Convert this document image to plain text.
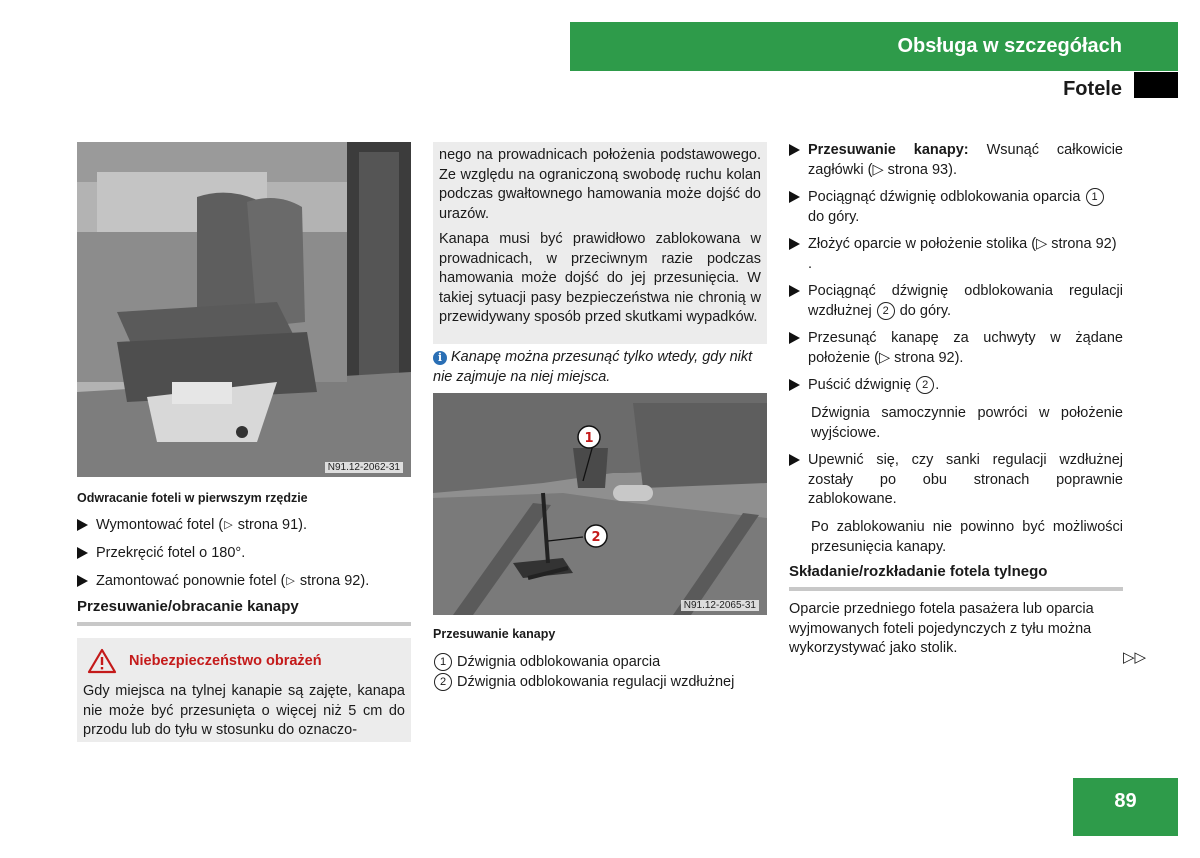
Obsługa w szczegółach
Fotele
N91.12-2062-31
Odwracanie foteli w pierwszym rzędzie
Wymontować fotel (▷ strona 91).
Przekręcić fotel o 180°.
Zamontować ponownie fotel (▷ strona 92).
Przesuwanie/obracanie kanapy
Niebezpieczeństwo obrażeń
Gdy miejsca na tylnej kanapie są zajęte, kanapa nie może być przesunięta o więcej niż 5 cm do przodu lub do tyłu w stosunku do oznaczo-
nego na prowadnicach położenia podstawowego. Ze względu na ograniczoną swobodę ruchu kolan podczas gwałtownego hamowania może dojść do urazów.
Kanapa musi być prawidłowo zablokowana w prowadnicach, w przeciwnym razie podczas hamowania może dojść do jej przesunięcia. W takiej sytuacji pasy bezpieczeństwa nie chronią w przewidywany sposób przed skutkami wypadków.
i Kanapę można przesunąć tylko wtedy, gdy nikt nie zajmuje na niej miejsca.
1
2
N91.12-2065-31
Przesuwanie kanapy
1 Dźwignia odblokowania oparcia
2 Dźwignia odblokowania regulacji wzdłużnej
Przesuwanie kanapy: Wsunąć całkowicie zagłówki (▷ strona 93).
Pociągnąć dźwignię odblokowania oparcia 1 do góry.
Złożyć oparcie w położenie stolika (▷ strona 92) .
Pociągnąć dźwignię odblokowania regulacji wzdłużnej 2 do góry.
Przesunąć kanapę za uchwyty w żądane położenie (▷ strona 92).
Puścić dźwignię 2 .
Dźwignia samoczynnie powróci w położenie wyjściowe.
Upewnić się, czy sanki regulacji wzdłużnej zostały po obu stronach poprawnie zablokowane.
Po zablokowaniu nie powinno być możliwości przesunięcia kanapy.
Składanie/rozkładanie fotela tylnego
Oparcie przedniego fotela pasażera lub oparcia wyjmowanych foteli pojedynczych z tyłu można wykorzystywać jako stolik.
▷▷
89
